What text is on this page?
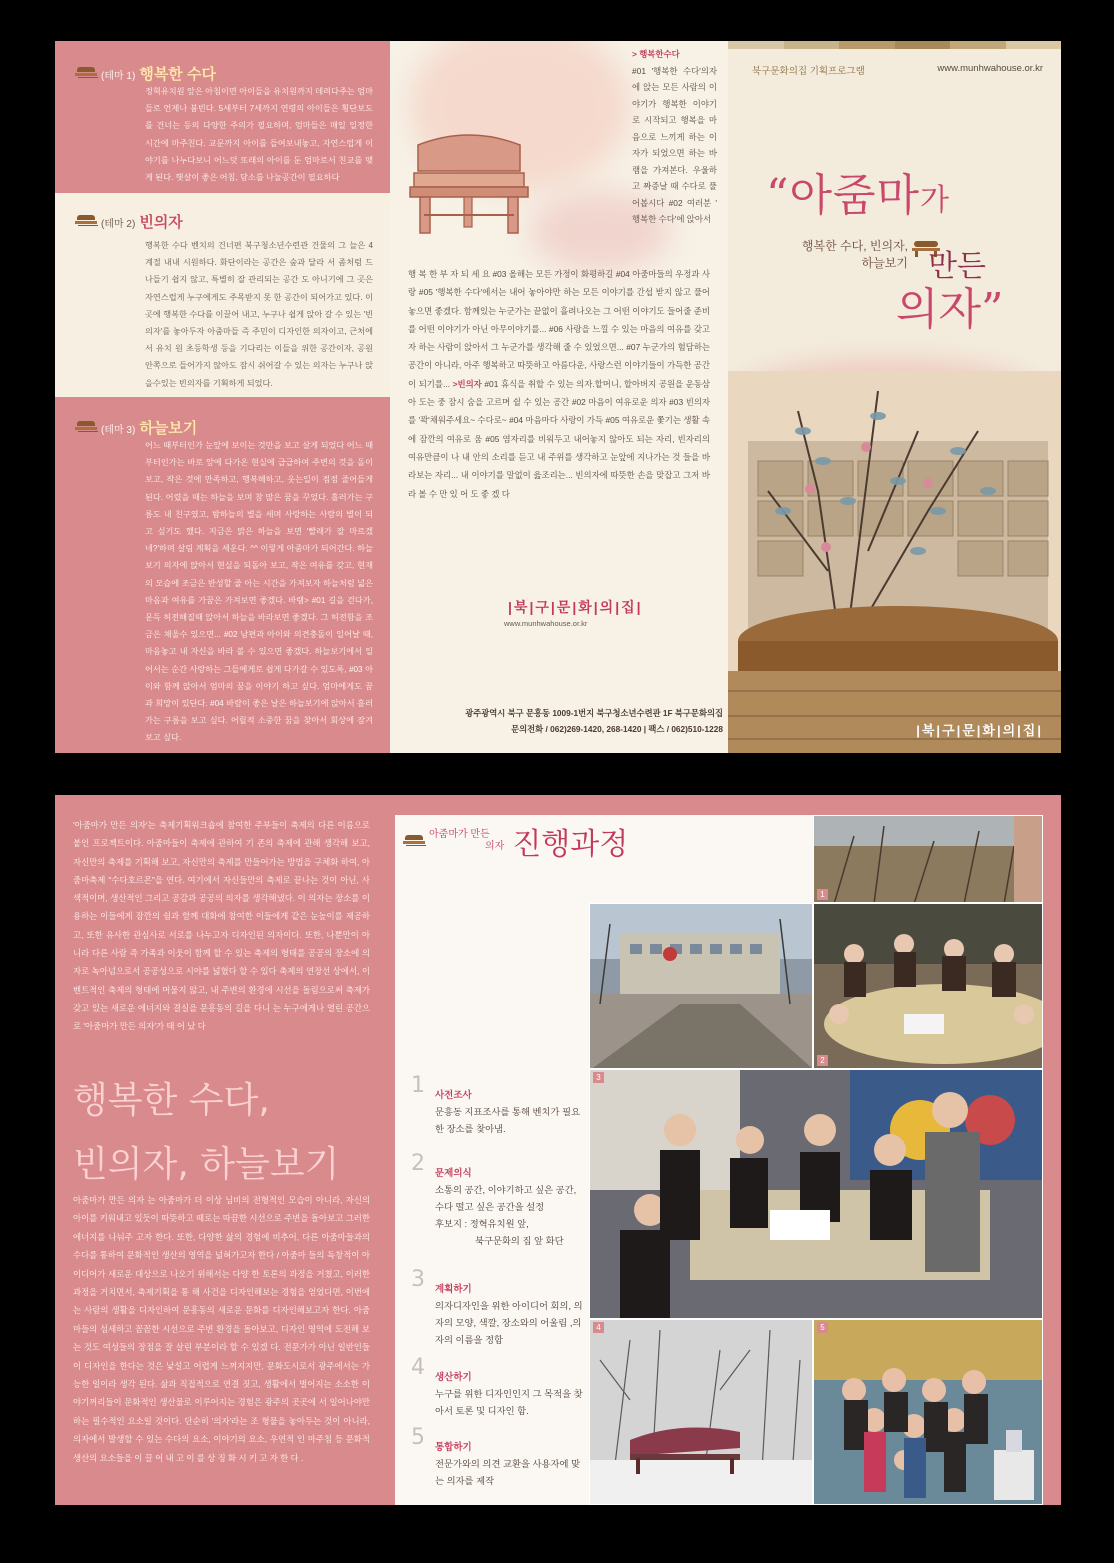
(테마 1) 행복한 수다

정혁유치원 앞은 아침이면 아이들을 유치원까지 데려다주는 엄마들로 언제나 붐빈다. 5세부터 7세까지 연령의 아이들은 횡단보도를 건너는 등의 다양한 주의가 필요하며, 엄마들은 매일 일정한 시간에 마주친다. 교문까지 아이를 들여보내놓고, 자연스럽게 이야기를 나누다보니 어느덧 또래의 아이를 둔 엄마로서 친교를 맺게 된다. 햇살이 좋은 어침, 담소를 나눌공간이 필요하다

(테마 2) 빈의자

행복한 수다 벤치의 건너편 북구청소년수련관 건물의 그 늘은 4계절 내내 시원하다. 화단이라는 공간은 숲과 달라 서 좀처럼 드나들기 쉽지 않고, 특별히 잘 관리되는 공간 도 아니기에 그 곳은 자연스럽게 누구에게도 주목받지 못 한 공간이 되어가고 있다. 이곳에 행복한 수다를 이끌어 내고, 누구나 쉽게 앉아 갈 수 있는 '빈의자'를 놓아두자 아줌마들 즉 주민이 디자인한 의자이고, 근처에서 유치 원 초등학생 등을 기다리는 이들을 위한 공간이자, 공원 안쪽으로 들어가지 않아도 잠시 쉬어갈 수 있는 의자는 누구나 앉을수있는 빈의자를 기획하게 되었다.

(테마 3) 하늘보기

어느 때부터인가 눈앞에 보이는 것만을 보고 살게 되었다 어느 때부터인가는 바로 앞에 다가온 현실에 급급하여 주변의 것을 돌이보고, 작은 것에 만족하고, 행복해하고, 웃는일이 점점 줄어들게 된다. 어렸을 때는 하늘을 보며 참 많은 꿈을 꾸었다. 흘러가는 구름도 내 친구였고, 밤하늘의 별을 세며 사랑하는 사람의 별이 되고 싶기도 했다. 지금은 맑은 하늘을 보면 '빨래가 잘 마르겠네?'하며 살림 계획을 세운다. ^^ 이렇게 아줌마가 되어간다. 하늘보기 의자에 앉아서 현실을 되돌아 보고, 작은 여유를 갖고, 현재의 모습에 조금은 반성할 줄 아는 시간을 가져보자 하늘처럼 넓은마음과 여유를 가꿈은 가져보면 좋겠다. 바램> #01 길을 걷다가, 문득 허전해질때 앉아서 하늘을 바라보면 좋겠다. 그 허전함을 조금은 채울수 있으면... #02 남편과 아이와 의견충돌이 일어날 때, 마음놓고 내 자신을 바라 볼 수 있으면 좋겠다. 하늘보기에서 일어서는 순간 사랑하는 그들에게로 쉽게 다가갈 수 있도록, #03 아이와 함께 앉아서 엄마의 꿈을 이야기 하고 싶다. 엄마에게도 꿈과 희망이 있단다. #04 바람이 좋은 날은 하늘보기에 앉아서 흘러가는 구름을 보고 싶다. 어릴적 소중한 꿈을 찾아서 회상에 잠겨 보고 싶다.

> 행복한수다
#01 '행복한 수다'의자에 앉는 모든 사람의 이야기가 행복한 이야기로 시작되고 행복을 마음으로 느끼게 하는 이자가 되었으면 하는 바램을 가져본다. 우울하고 짜증날 때 수다로 풀어봅시다 #02 여러분 ' 행복한 수다'에 앉아서

행 복 한 부 자 되 세 요 #03 올해는 모든 가정이 화평하길 #04 아줌마들의 우정과 사랑 #05 '행복한 수다'에서는 내어 놓아야만 하는 모든 이야기를 간섭 받지 않고 풀어놓으면 좋겠다. 함께있는 누군가는 끝없이 흘려나오는 그 어떤 이야기도 들어줄 준비를 어떤 이야기가 아닌 아무이야기를... #06 사랑을 느낄 수 있는 마음의 여유를 갖고자 하는 사람이 앉아서 그 누군가를 생각해 줄 수 있었으면... #07 누군가의 험담하는 공간이 아니라, 아주 행복하고 따뜻하고 아름다운, 사랑스런 이야기들이 가득한 공간이 되기를... >빈의자 #01 휴식을 취할 수 있는 의자.할머니, 할아버지 공원을 운동삼아 도는 중 잠시 숨을 고르며 쉴 수 있는 공간 #02 마음이 여유로운 의자 #03 빈의자를 '꽉'채워주세요~ 수다로~ #04 마음마다 사랑이 가득 #05 여유로운 쫓기는 생활 속에 잠깐의 여유로 움 #05 염자리를 비워두고 내어놓지 않아도 되는 자리, 빈자리의 여유만큼이 나 내 안의 소리를 듣고 내 주위를 생각하고 눈앞에 지나가는 것 들을 바라보는 자리... 내 이야기를 말없이 읊조리는... 빈의자에 따뜻한 손을 맞잡고 그저 바 라 볼 수 만 있 어 도 좋 겠 다

|북|구|문|화|의|집|
www.munhwahouse.or.kr
광주광역시 북구 문흥동 1009-1번지 북구청소년수련관 1F 북구문화의집
문의전화 / 062)269-1420, 268-1420 | 팩스 / 062)510-1228
북구문화의집 기획프로그램	www.munhwahouse.or.kr
“아줌마가
행복한 수다, 빈의자,
하늘보기 만든
의자”
|북|구|문|화|의|집|

'아줌마가 만든 의자'는 축제기획워크숍에 참여한 주부들이 축제의 다른 이름으로 붙인 프로젝트이다. 아줌마들이 축제에 관하여 기 존의 축제에 관해 생각해 보고, 자신만의 축제를 기획해 보고, 자신만의 축제를 만들어가는 방법을 구체화 하여, 아줌마축제 "수다호르몬"을 연다. 여기에서 자신들만의 축제로 끝나는 것이 아닌, 사색적이며, 생산적인 그리고 공감과 공공의 의자를 생각해냈다. 이 의자는 장소를 이용하는 이들에게 잠깐의 쉼과 함께 대화에 참여한 이들에게 같은 눈높이를 제공하고, 또한 유사한 관심사로 서로를 나누고자 디자인된 의자이다. 또한, 나뿐만이 아니라 다른 사람 즉 가족과 이웃이 함께 할 수 있는 축제의 형태를 공공의 장소에 의자로 녹아넘으로서 공공성으로 시야를 넓혔다 할 수 있다 축제의 연장선 상에서, 이벤트적인 축제의 형태에 머물지 않고, 내 주변의 환경에 시선을 돌림으로써 축제가 갖고 있는 새로운 에너지와 결실을 문흥동의 길을 다니 는 누구에게나 열린 공간으로 '아줌마가 만든 의자'가 태 어 났 다

행복한 수다,
빈의자, 하늘보기

아줌마가 만든 의자 는 아줌마가 더 이상 님비의 전형적인 모습이 아니라, 자신의 아이를 키워내고 있듯이 따뜻하고 때로는 따끔한 시선으로 주변을 돌아보고 그러한 에너지를 나눠주 고자 한다. 또한, 다양한 삶의 경험에 비추어, 다른 아줌마들과의 수다를 통하여 문화적인 생산의 영역을 넓혀가고자 한다 / 아줌마 들의 독창적이 아이디어가 새로운 대상으로 나오기 위해서는 다양 한 토론의 과정을 거쳤고, 이러한 과정을 거치면서, 축제기획을 통 해 사건을 디자인해보는 경험을 얻었다면, 이번에는 사람의 생활을 디자인하여 문흥동의 새로운 문화를 디자인해보고자 한다. 아줌마들의 섬세하고 꼼꼼한 시선으로 주변 환경을 돌아보고, 디자인 영역에 도전해 보는 것도 여성들의 장점을 잘 살린 부분이라 할 수 있겠 다. 전문가가 아닌 일반인들이 디자인을 한다는 것은 낯설고 어렵게 느껴지지만, 문화도시로서 광주에서는 가능한 일이라 생각 된다. 삶과 직접적으로 연결 짓고, 생활에서 벌어지는 소소한 이야기꺼리들이 문화적인 생산물로 이루어지는 경험은 광주의 곳곳에 서 일어나야만 하는 필수적인 요소일 것이다. 단순히 '의자'라는 조 형물을 놓아두는 것이 아니라, 의자에서 발생할 수 있는 수다의 요소, 이야기의 요소, 우연적 인 마주침 등 문화적 생산의 요소들을 이 끌 어 내 고 이 를 상 징 화 시 키 고 자 한 다 .

아줌마가 만든
의자 진행과정
1 사전조사
문흥동 지표조사를 통해 벤치가 필요한 장소를 찾아냄.
2 문제의식
소통의 공간, 이야기하고 싶은 공간, 수다 떨고 싶은 공간을 설정
후보지 : 정혁유치원 앞,

북구문화의 집 앞 화단
3 계획하기
의자디자인을 위한 아이디어 회의, 의자의 모양, 색깔, 장소와의 어울림 ,의자의 이름을 정함
4 생산하기
누구를 위한 디자인인지 그 목적을 찾아서 토론 및 디자인 함.
5 통합하기
전문가와의 의견 교환을 사용자에 맞 는 의자를 제작
1
2
3
4	5
